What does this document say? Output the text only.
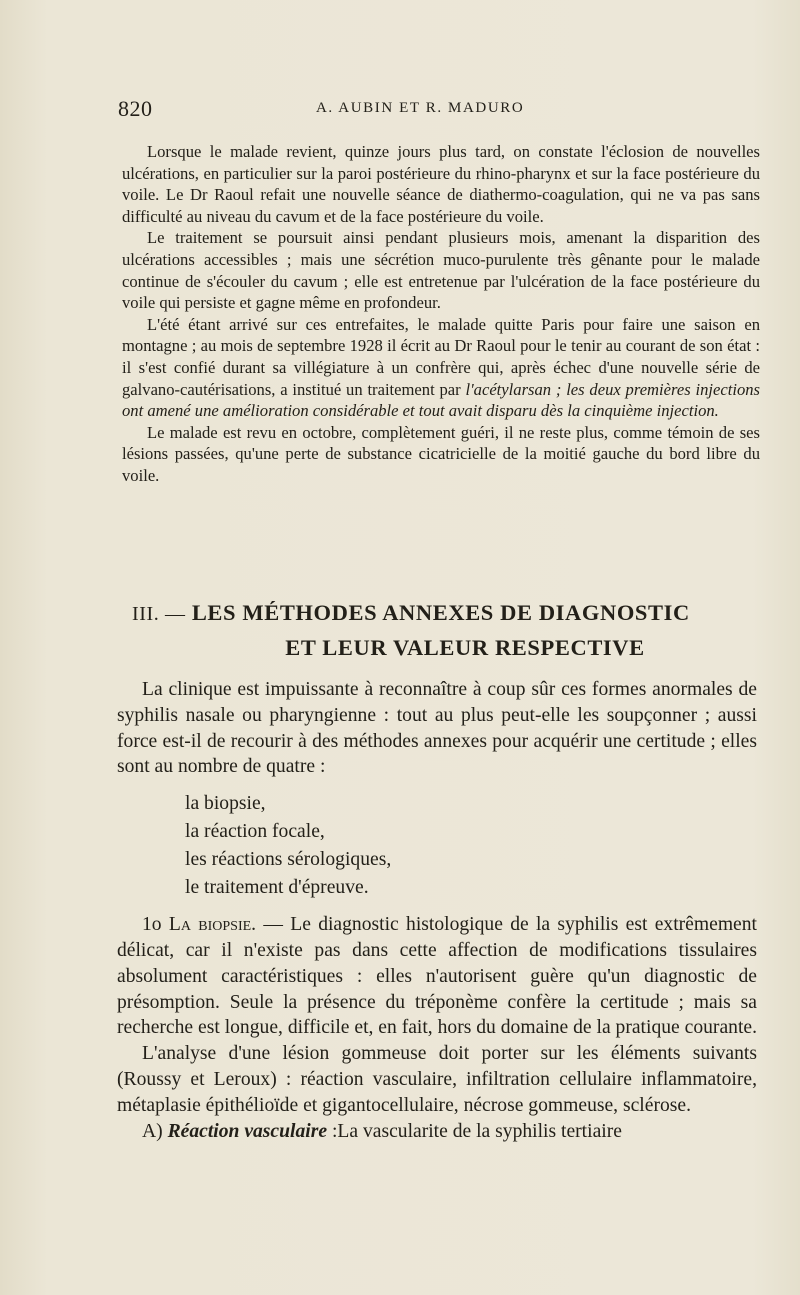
820	A. AUBIN ET R. MADURO

Lorsque le malade revient, quinze jours plus tard, on constate l'éclosion de nouvelles ulcérations, en particulier sur la paroi postérieure du rhino-pharynx et sur la face postérieure du voile. Le Dr Raoul refait une nouvelle séance de diathermo-coagulation, qui ne va pas sans difficulté au niveau du cavum et de la face postérieure du voile.

Le traitement se poursuit ainsi pendant plusieurs mois, amenant la disparition des ulcérations accessibles ; mais une sécrétion muco-purulente très gênante pour le malade continue de s'écouler du cavum ; elle est entretenue par l'ulcération de la face postérieure du voile qui persiste et gagne même en profondeur.

L'été étant arrivé sur ces entrefaites, le malade quitte Paris pour faire une saison en montagne ; au mois de septembre 1928 il écrit au Dr Raoul pour le tenir au courant de son état : il s'est confié durant sa villégiature à un confrère qui, après échec d'une nouvelle série de galvano-cautérisations, a institué un traitement par l'acétylarsan ; les deux premières injections ont amené une amélioration considérable et tout avait disparu dès la cinquième injection.

Le malade est revu en octobre, complètement guéri, il ne reste plus, comme témoin de ses lésions passées, qu'une perte de substance cicatricielle de la moitié gauche du bord libre du voile.

III. — LES MÉTHODES ANNEXES DE DIAGNOSTIC
ET LEUR VALEUR RESPECTIVE

La clinique est impuissante à reconnaître à coup sûr ces formes anormales de syphilis nasale ou pharyngienne : tout au plus peut-elle les soupçonner ; aussi force est-il de recourir à des méthodes annexes pour acquérir une certitude ; elles sont au nombre de quatre :

la biopsie,
la réaction focale,
les réactions sérologiques,
le traitement d'épreuve.

1o La biopsie. — Le diagnostic histologique de la syphilis est extrêmement délicat, car il n'existe pas dans cette affection de modifications tissulaires absolument caractéristiques : elles n'autorisent guère qu'un diagnostic de présomption. Seule la présence du tréponème confère la certitude ; mais sa recherche est longue, difficile et, en fait, hors du domaine de la pratique courante.

L'analyse d'une lésion gommeuse doit porter sur les éléments suivants (Roussy et Leroux) : réaction vasculaire, infiltration cellulaire inflammatoire, métaplasie épithélioïde et gigantocellulaire, nécrose gommeuse, sclérose.

A) Réaction vasculaire :La vascularite de la syphilis tertiaire
